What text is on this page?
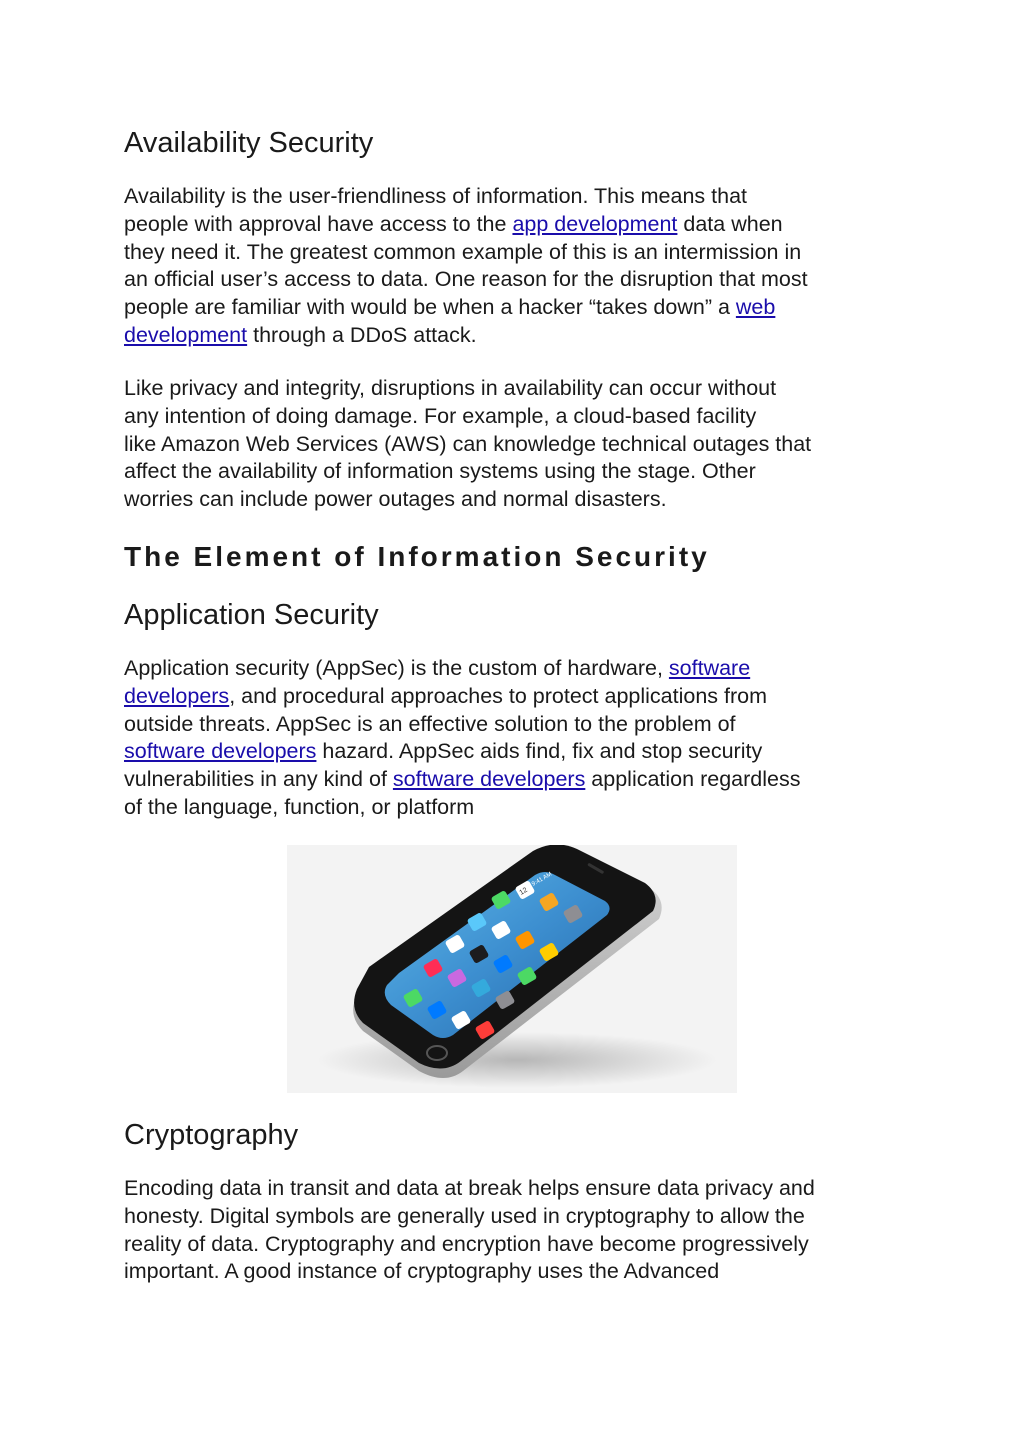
Availability Security

Availability is the user-friendliness of information. This means that
people with approval have access to the app development data when
they need it. The greatest common example of this is an intermission in
an official user’s access to data. One reason for the disruption that most
people are familiar with would be when a hacker “takes down” a web
development through a DDoS attack.

Like privacy and integrity, disruptions in availability can occur without
any intention of doing damage. For example, a cloud-based facility
like Amazon Web Services (AWS) can knowledge technical outages that
affect the availability of information systems using the stage. Other
worries can include power outages and normal disasters.

The Element of Information Security
Application Security

Application security (AppSec) is the custom of hardware, software
developers, and procedural approaches to protect applications from
outside threats. AppSec is an effective solution to the problem of
software developers hazard. AppSec aids find, fix and stop security
vulnerabilities in any kind of software developers application regardless
of the language, function, or platform

9:41 AM
12
Cryptography

Encoding data in transit and data at break helps ensure data privacy and
honesty. Digital symbols are generally used in cryptography to allow the
reality of data. Cryptography and encryption have become progressively
important. A good instance of cryptography uses the Advanced
